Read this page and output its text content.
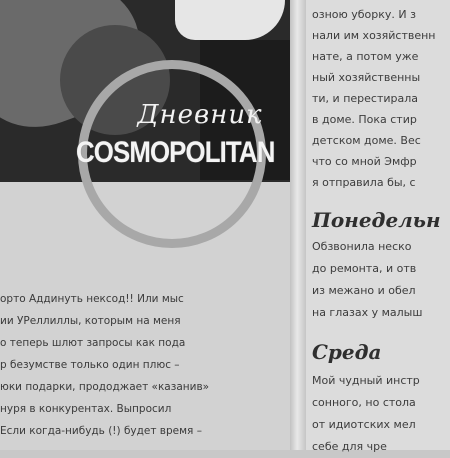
Дневник
COSMOPOLITAN
орто Аддинуть нексод!! Или мыс
ии УРеллиллы, которым на меня
о теперь шлют запросы как пода
р безумстве только один плюс –
юки подарки, прододжает «казанив»
нуря в конкурентах. Выпросил
Если когда-нибудь (!) будет время –
озною уборку. И з
нали им хозяйственн
нате, а потом уже
ный хозяйственны
ти, и перестирала
в доме. Пока стир
детском доме. Вес
что со мной Эмфр
я отправила бы, с
Понедельн
Обзвонила неско
до ремонта, и отв
из межано и обел
на глазах у малыш
Среда
Мой чудный инстр
сонного, но стола
от идиотских мел
себе для чре
